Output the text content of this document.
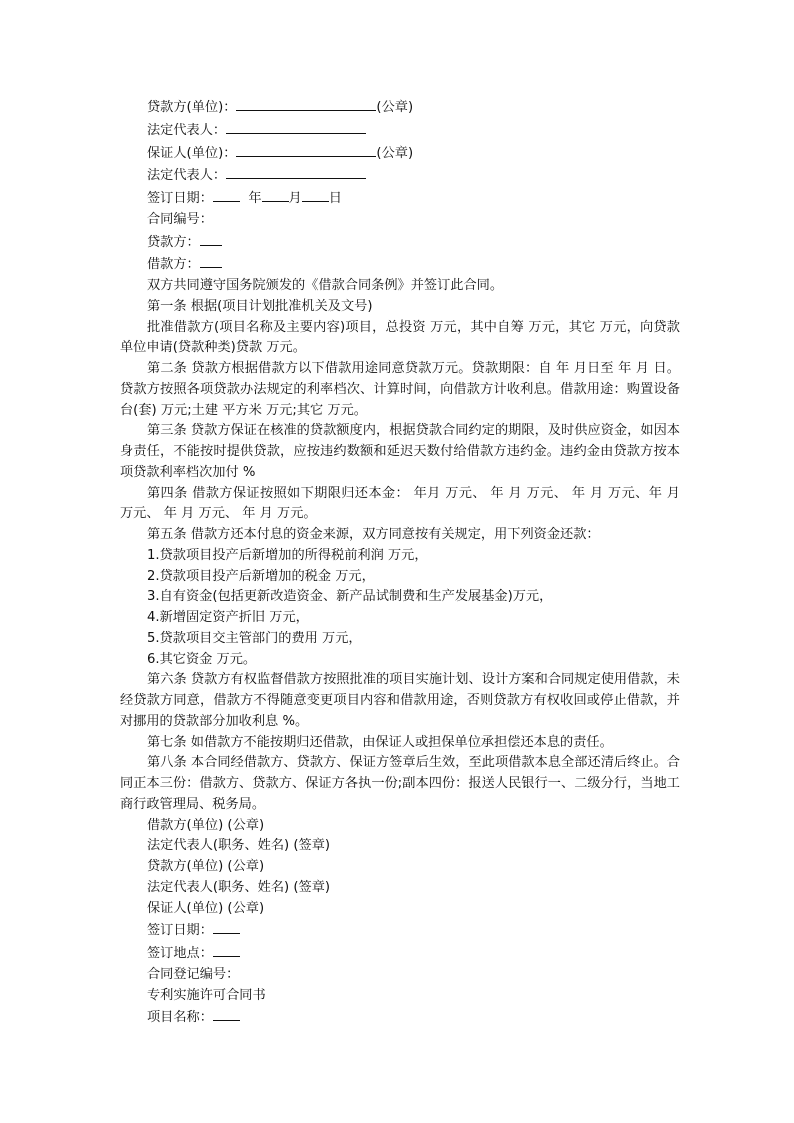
贷款方(单位)：	(公章)
法定代表人：
保证人(单位)：	(公章)
法定代表人：
签订日期：	年 月 日
合同编号：
贷款方：
借款方：
双方共同遵守国务院颁发的《借款合同条例》并签订此合同。
第一条 根据(项目计划批准机关及文号)
批准借款方(项目名称及主要内容)项目，总投资 万元，其中自筹 万元，其它 万元，向贷款单位申请(贷款种类)贷款 万元。
第二条 贷款方根据借款方以下借款用途同意贷款万元。贷款期限：自 年 月日至 年 月 日。贷款方按照各项贷款办法规定的利率档次、计算时间，向借款方计收利息。借款用途：购置设备 台(套) 万元;土建 平方米 万元;其它 万元。
第三条 贷款方保证在核准的贷款额度内，根据贷款合同约定的期限，及时供应资金，如因本身责任，不能按时提供贷款，应按违约数额和延迟天数付给借款方违约金。违约金由贷款方按本项贷款利率档次加付 %
第四条 借款方保证按照如下期限归还本金： 年月 万元、 年 月 万元、 年 月 万元、年 月 万元、 年 月 万元、 年 月 万元。
第五条 借款方还本付息的资金来源，双方同意按有关规定，用下列资金还款：
1.贷款项目投产后新增加的所得税前利润 万元，
2.贷款项目投产后新增加的税金 万元，
3.自有资金(包括更新改造资金、新产品试制费和生产发展基金)万元，
4.新增固定资产折旧 万元，
5.贷款项目交主管部门的费用 万元，
6.其它资金 万元。
第六条 贷款方有权监督借款方按照批准的项目实施计划、设计方案和合同规定使用借款，未经贷款方同意，借款方不得随意变更项目内容和借款用途，否则贷款方有权收回或停止借款，并对挪用的贷款部分加收利息 %。
第七条 如借款方不能按期归还借款，由保证人或担保单位承担偿还本息的责任。
第八条 本合同经借款方、贷款方、保证方签章后生效，至此项借款本息全部还清后终止。合同正本三份：借款方、贷款方、保证方各执一份;副本四份：报送人民银行一、二级分行，当地工商行政管理局、税务局。
借款方(单位) (公章)
法定代表人(职务、姓名) (签章)
贷款方(单位) (公章)
法定代表人(职务、姓名) (签章)
保证人(单位) (公章)
签订日期：
签订地点：
合同登记编号：
专利实施许可合同书
项目名称：
